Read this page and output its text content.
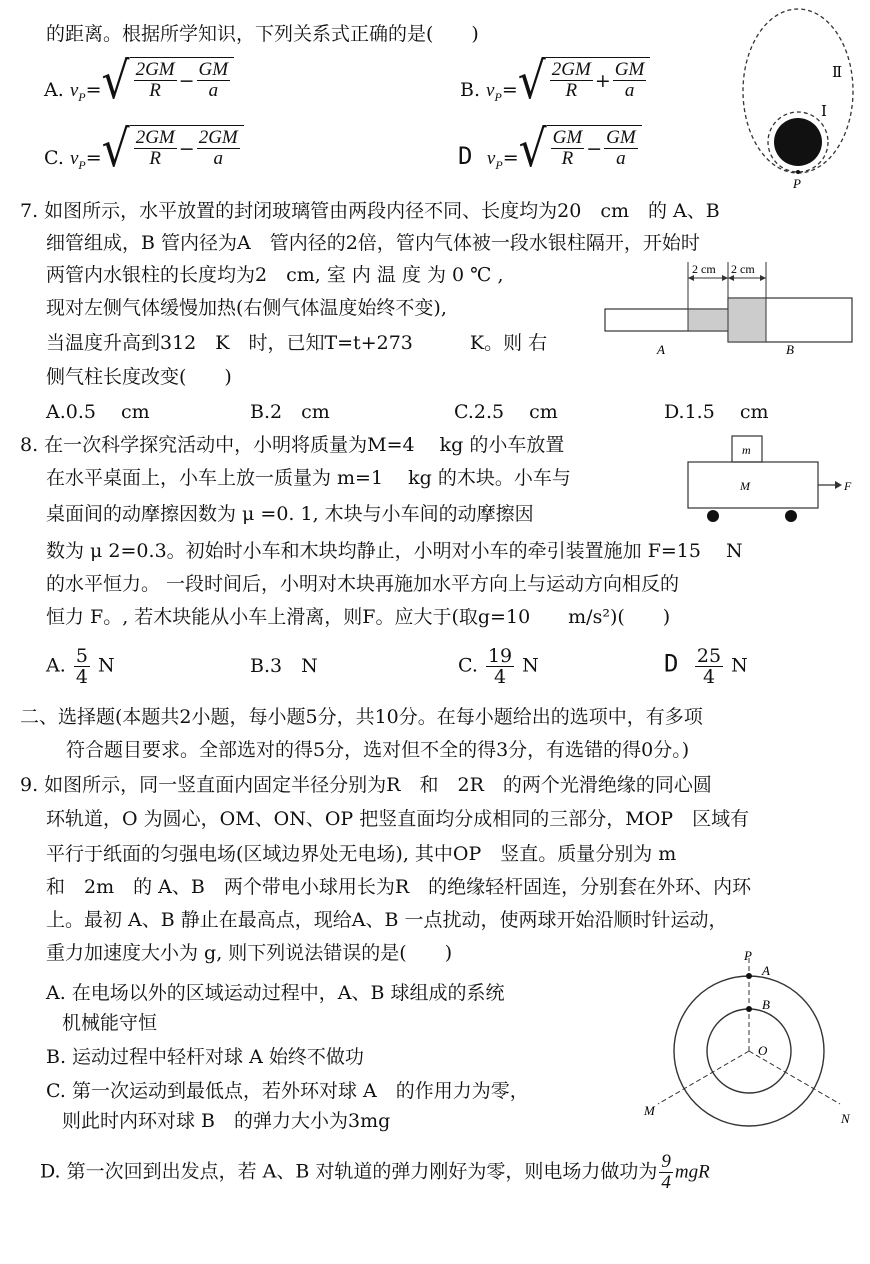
的距离。根据所学知识，下列关系式正确的是(　　)
A. $v_P=$ √ $\frac{2GM}{R} - \frac{GM}{a}$	B. $v_P=$ √ $\frac{2GM}{R} + \frac{GM}{a}$
C. $v_P=$ √ $\frac{2GM}{R} - \frac{2GM}{a}$	D $v_P=$ √ $\frac{GM}{R} - \frac{GM}{a}$
Ⅱ
Ⅰ
P
7. 如图所示，水平放置的封闭玻璃管由两段内径不同、长度均为20　cm　的 A、B
细管组成，B 管内径为A　管内径的2倍，管内气体被一段水银柱隔开，开始时
两管内水银柱的长度均为2　cm, 室 内 温 度 为 0 ℃ ,
现对左侧气体缓慢加热(右侧气体温度始终不变),
当温度升高到312　K　时，已知T=t+273　　　K。则 右
侧气柱长度改变(　　)
2 cm 2 cm
A	B
A.0.5　 cm	B.2　cm	C.2.5　 cm	D.1.5　 cm
8. 在一次科学探究活动中，小明将质量为M=4　 kg 的小车放置
在水平桌面上，小车上放一质量为 m=1　 kg 的木块。小车与
桌面间的动摩擦因数为 μ =0. 1, 木块与小车间的动摩擦因
数为 μ 2=0.3。初始时小车和木块均静止，小明对小车的牵引装置施加 F=15　 N
的水平恒力。 一段时间后，小明对木块再施加水平方向上与运动方向相反的
恒力 F。, 若木块能从小车上滑离，则F。应大于(取g=10　　m/s²)(　　)
m
M	F
A. $\frac{5}{4}$ N	B.3　N	C. $\frac{19}{4}$ N	D $\frac{25}{4}$ N
二、选择题(本题共2小题，每小题5分，共10分。在每小题给出的选项中，有多项
符合题目要求。全部选对的得5分，选对但不全的得3分，有选错的得0分。)
9. 如图所示，同一竖直面内固定半径分别为R　和　2R　的两个光滑绝缘的同心圆
环轨道，O 为圆心，OM、ON、OP 把竖直面均分成相同的三部分，MOP　区域有
平行于纸面的匀强电场(区域边界处无电场), 其中OP　竖直。质量分别为 m
和　2m　的 A、B　两个带电小球用长为R　的绝缘轻杆固连，分别套在外环、内环
上。最初 A、B 静止在最高点，现给A、B 一点扰动，使两球开始沿顺时针运动，
重力加速度大小为 g, 则下列说法错误的是(　　)
A. 在电场以外的区域运动过程中，A、B 球组成的系统
机械能守恒
B. 运动过程中轻杆对球 A 始终不做功
C. 第一次运动到最低点，若外环对球 A　的作用力为零，
则此时内环对球 B　的弹力大小为3mg
D. 第一次回到出发点，若 A、B 对轨道的弹力刚好为零，则电场力做功为 $\frac{9}{4}$ mgR
P
A
B
O
M
N
